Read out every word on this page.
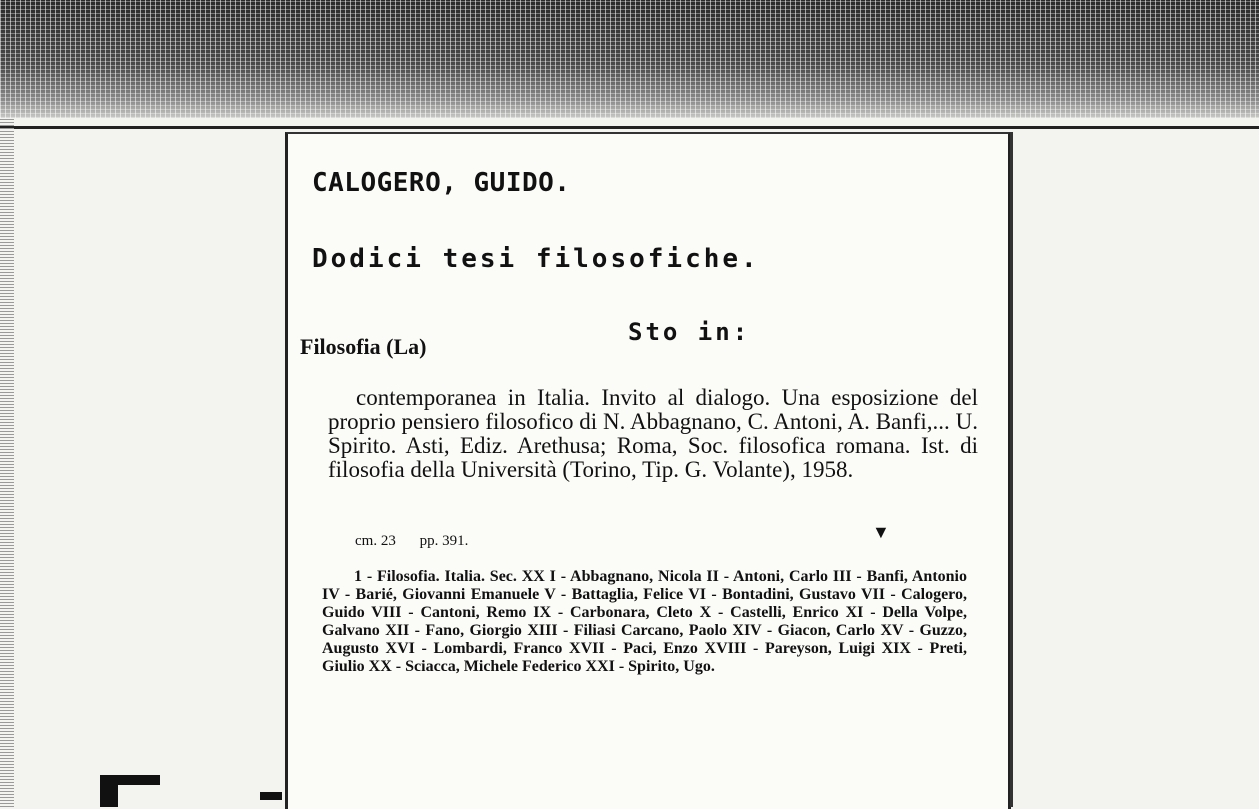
CALOGERO, GUIDO.
Dodici tesi filosofiche.
Sto in:
Filosofia (La)
contemporanea in Italia. Invito al dialogo. Una esposizione del proprio pensiero filosofico di N. Abbagnano, C. Antoni, A. Banfi,... U. Spirito. Asti, Ediz. Arethusa; Roma, Soc. filosofica romana. Ist. di filosofia della Università (Torino, Tip. G. Volante), 1958.
cm. 23 pp. 391.
1 - Filosofia. Italia. Sec. XX I - Abbagnano, Nicola II - Antoni, Carlo III - Banfi, Antonio IV - Barié, Giovanni Emanuele V - Battaglia, Felice VI - Bontadini, Gustavo VII - Calogero, Guido VIII - Cantoni, Remo IX - Carbonara, Cleto X - Castelli, Enrico XI - Della Volpe, Galvano XII - Fano, Giorgio XIII - Filiasi Carcano, Paolo XIV - Giacon, Carlo XV - Guzzo, Augusto XVI - Lombardi, Franco XVII - Paci, Enzo XVIII - Pareyson, Luigi XIX - Preti, Giulio XX - Sciacca, Michele Federico XXI - Spirito, Ugo.
▼
